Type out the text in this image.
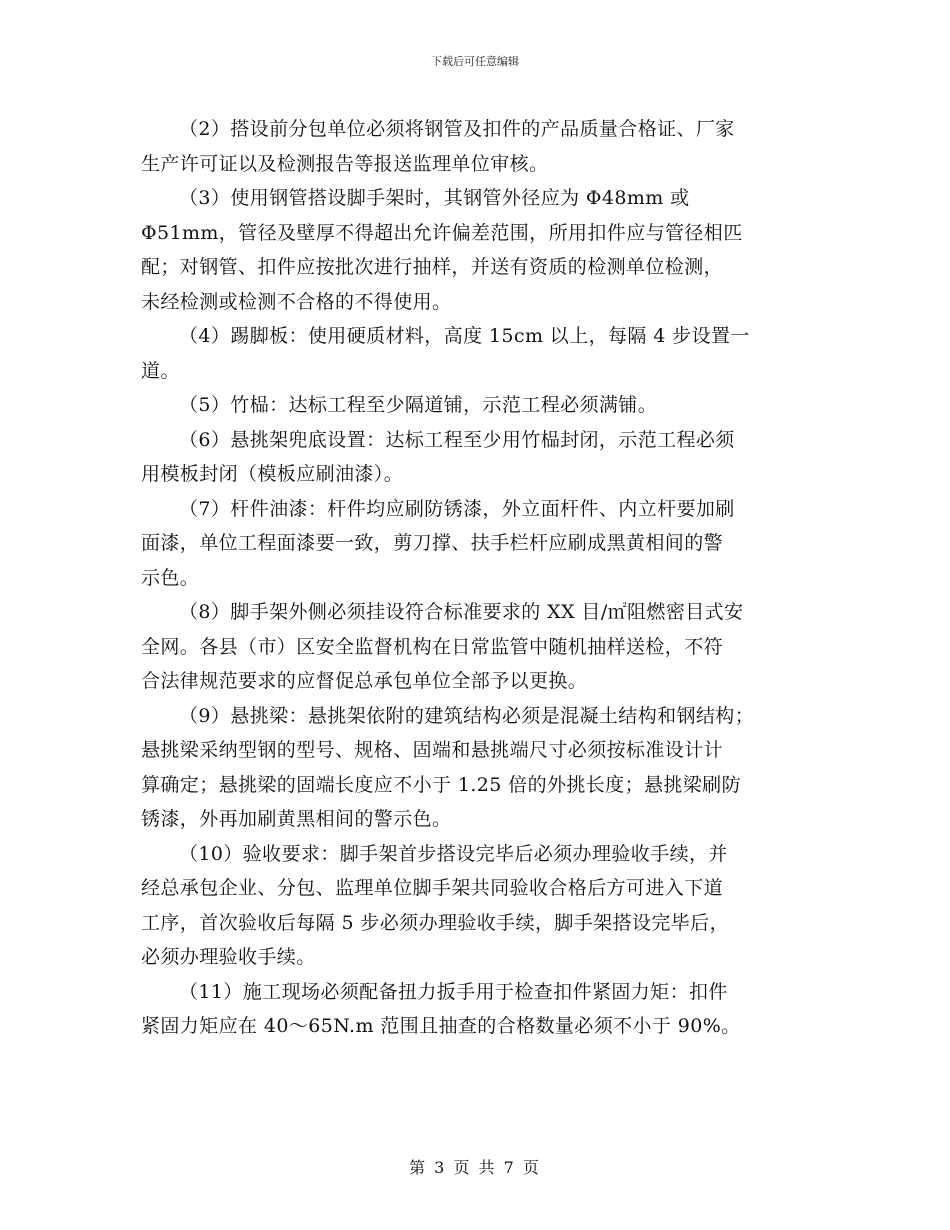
下载后可任意编辑

（2）搭设前分包单位必须将钢管及扣件的产品质量合格证、厂家
生产许可证以及检测报告等报送监理单位审核。

（3）使用钢管搭设脚手架时，其钢管外径应为 Φ48mm 或
Φ51mm，管径及壁厚不得超出允许偏差范围，所用扣件应与管径相匹
配；对钢管、扣件应按批次进行抽样，并送有资质的检测单位检测，
未经检测或检测不合格的不得使用。

（4）踢脚板：使用硬质材料，高度 15cm 以上，每隔 4 步设置一
道。

（5）竹榀：达标工程至少隔道铺，示范工程必须满铺。

（6）悬挑架兜底设置：达标工程至少用竹榀封闭，示范工程必须
用模板封闭（模板应刷油漆）。

（7）杆件油漆：杆件均应刷防锈漆，外立面杆件、内立杆要加刷
面漆，单位工程面漆要一致，剪刀撑、扶手栏杆应刷成黑黄相间的警
示色。

（8）脚手架外侧必须挂设符合标准要求的 XX 目/㎡阻燃密目式安
全网。各县（市）区安全监督机构在日常监管中随机抽样送检，不符
合法律规范要求的应督促总承包单位全部予以更换。

（9）悬挑梁：悬挑架依附的建筑结构必须是混凝土结构和钢结构；
悬挑梁采纳型钢的型号、规格、固端和悬挑端尺寸必须按标准设计计
算确定；悬挑梁的固端长度应不小于 1.25 倍的外挑长度；悬挑梁刷防
锈漆，外再加刷黄黑相间的警示色。

（10）验收要求：脚手架首步搭设完毕后必须办理验收手续，并
经总承包企业、分包、监理单位脚手架共同验收合格后方可进入下道
工序，首次验收后每隔 5 步必须办理验收手续，脚手架搭设完毕后，
必须办理验收手续。

（11）施工现场必须配备扭力扳手用于检查扣件紧固力矩：扣件
紧固力矩应在 40～65N.m 范围且抽查的合格数量必须不小于 90%。

第 3 页 共 7 页
